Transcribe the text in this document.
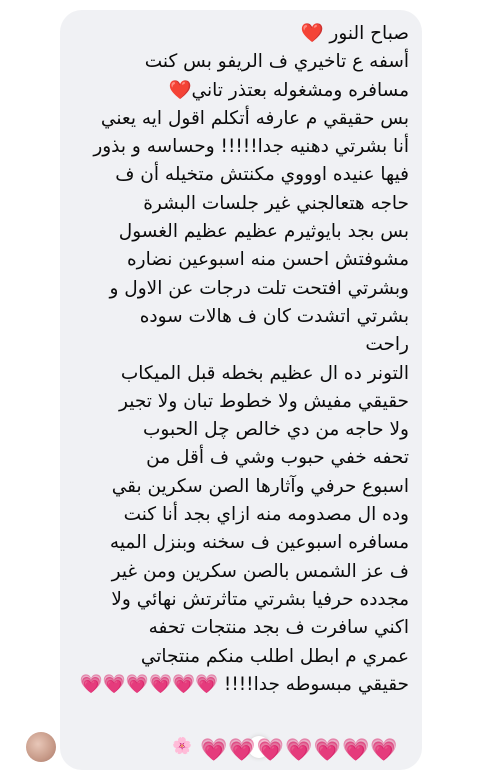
صباح النور ❤️
أسفه ع تاخيري ف الريفو بس كنت
مسافره ومشغوله بعتذر تاني❤️
بس حقيقي م عارفه أتكلم اقول ايه يعني
أنا بشرتي دهنيه جدا!!!!! وحساسه و بذور
فيها عنيده اوووي مكنتش متخيله أن ف
حاجه هتعالجني غير جلسات البشرة
بس بجد بايوثيرم عظيم عظيم الغسول
مشوفتش احسن منه اسبوعين نضاره
وبشرتي افتحت تلت درجات عن الاول و
بشرتي اتشدت كان ف هالات سوده
راحت
التونر ده ال عظيم بخطه قبل الميكاب
حقيقي مفيش ولا خطوط تبان ولا تجير
ولا حاجه من دي خالص چل الحبوب
تحفه خفي حبوب وشي ف أقل من
اسبوع حرفي وآثارها الصن سكرين بقي
وده ال مصدومه منه ازاي بجد أنا كنت
مسافره اسبوعين ف سخنه وبنزل الميه
ف عز الشمس بالصن سكرين ومن غير
مجدده حرفيا بشرتي متاثرتش نهائي ولا
اكني سافرت ف بجد منتجات تحفه
عمري م ابطل اطلب منكم منتجاتي
حقيقي مبسوطه جدا!!!! 💗💗💗💗💗💗
🌸 💗💗💗💗💗💗💗
